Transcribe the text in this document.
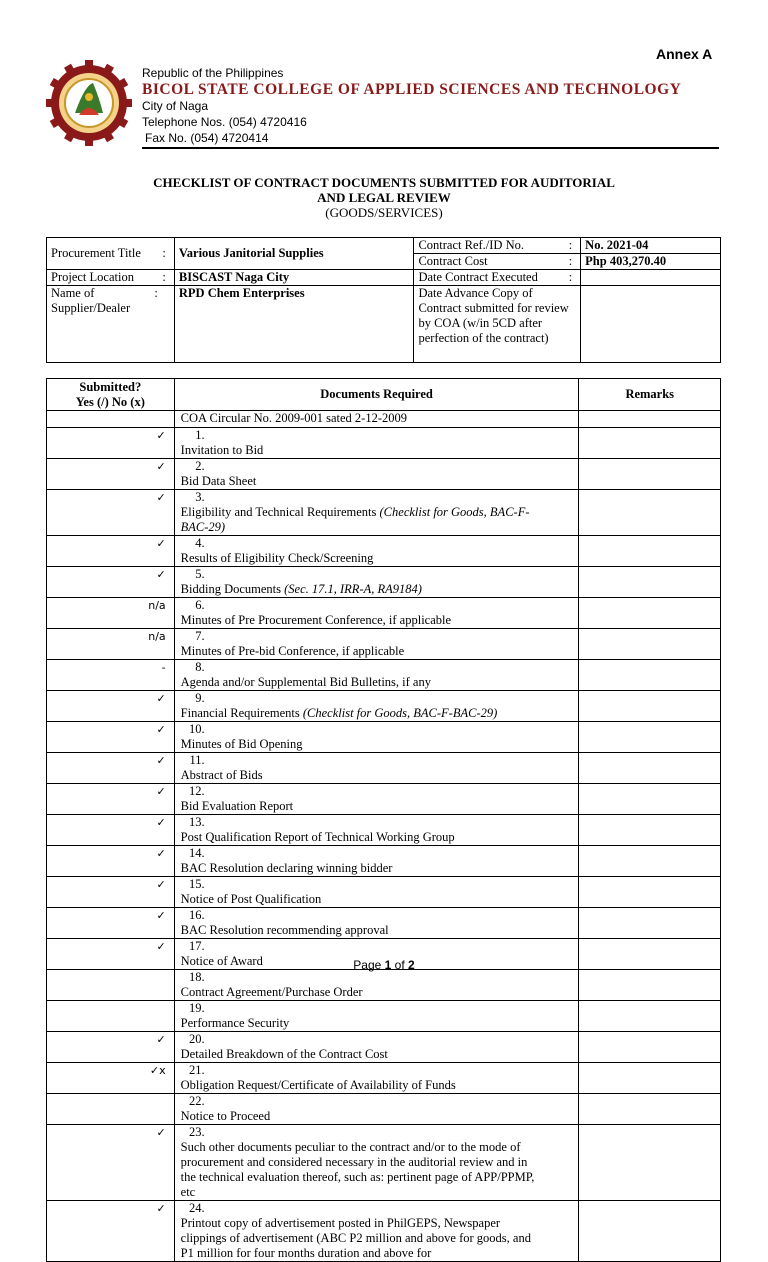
Annex A
Republic of the Philippines
BICOL STATE COLLEGE OF APPLIED SCIENCES AND TECHNOLOGY
City of Naga
Telephone Nos. (054) 4720416
Fax No. (054) 4720414
CHECKLIST OF CONTRACT DOCUMENTS SUBMITTED FOR AUDITORIAL
AND LEGAL REVIEW
(GOODS/SERVICES)
Procurement Title :	Various Janitorial Supplies	Contract Ref./ID No. :	No. 2021-04
		Contract Cost :	Php 403,270.40
Project Location :	BISCAST Naga City	Date Contract Executed :	

:
Name of
Supplier/Dealer	RPD Chem Enterprises	Date Advance Copy of Contract submitted for review by COA (w/in 5CD after perfection of the contract)	
Submitted?
Yes (/) No (x)	Documents Required	Remarks
	COA Circular No. 2009-001 sated 2-12-2009	
✓	1.Invitation to Bid	
✓	2.Bid Data Sheet	
✓	3.Eligibility and Technical Requirements (Checklist for Goods, BAC-F-BAC-29)	
✓	4.Results of Eligibility Check/Screening	
✓	5.Bidding Documents (Sec. 17.1, IRR-A, RA9184)	
n/a	6.Minutes of Pre Procurement Conference, if applicable	
n/a	7.Minutes of Pre-bid Conference, if applicable	
-	8.Agenda and/or Supplemental Bid Bulletins, if any	
✓	9.Financial Requirements (Checklist for Goods, BAC-F-BAC-29)	
✓	10.Minutes of Bid Opening	
✓	11.Abstract of Bids	
✓	12.Bid Evaluation Report	
✓	13.Post Qualification Report of Technical Working Group	
✓	14.BAC Resolution declaring winning bidder	
✓	15.Notice of Post Qualification	
✓	16.BAC Resolution recommending approval	
✓	17.Notice of Award	
	18.Contract Agreement/Purchase Order	
	19.Performance Security	
✓	20.Detailed Breakdown of the Contract Cost	
✓x	21.Obligation Request/Certificate of Availability of Funds	
	22.Notice to Proceed	
✓	23.Such other documents peculiar to the contract and/or to the mode of procurement and considered necessary in the auditorial review and in the technical evaluation thereof, such as: pertinent page of APP/PPMP, etc	
✓	24.Printout copy of advertisement posted in PhilGEPS, Newspaper clippings of advertisement (ABC P2 million and above for goods, and P1 million for four months duration and above for	
Page 1 of 2
